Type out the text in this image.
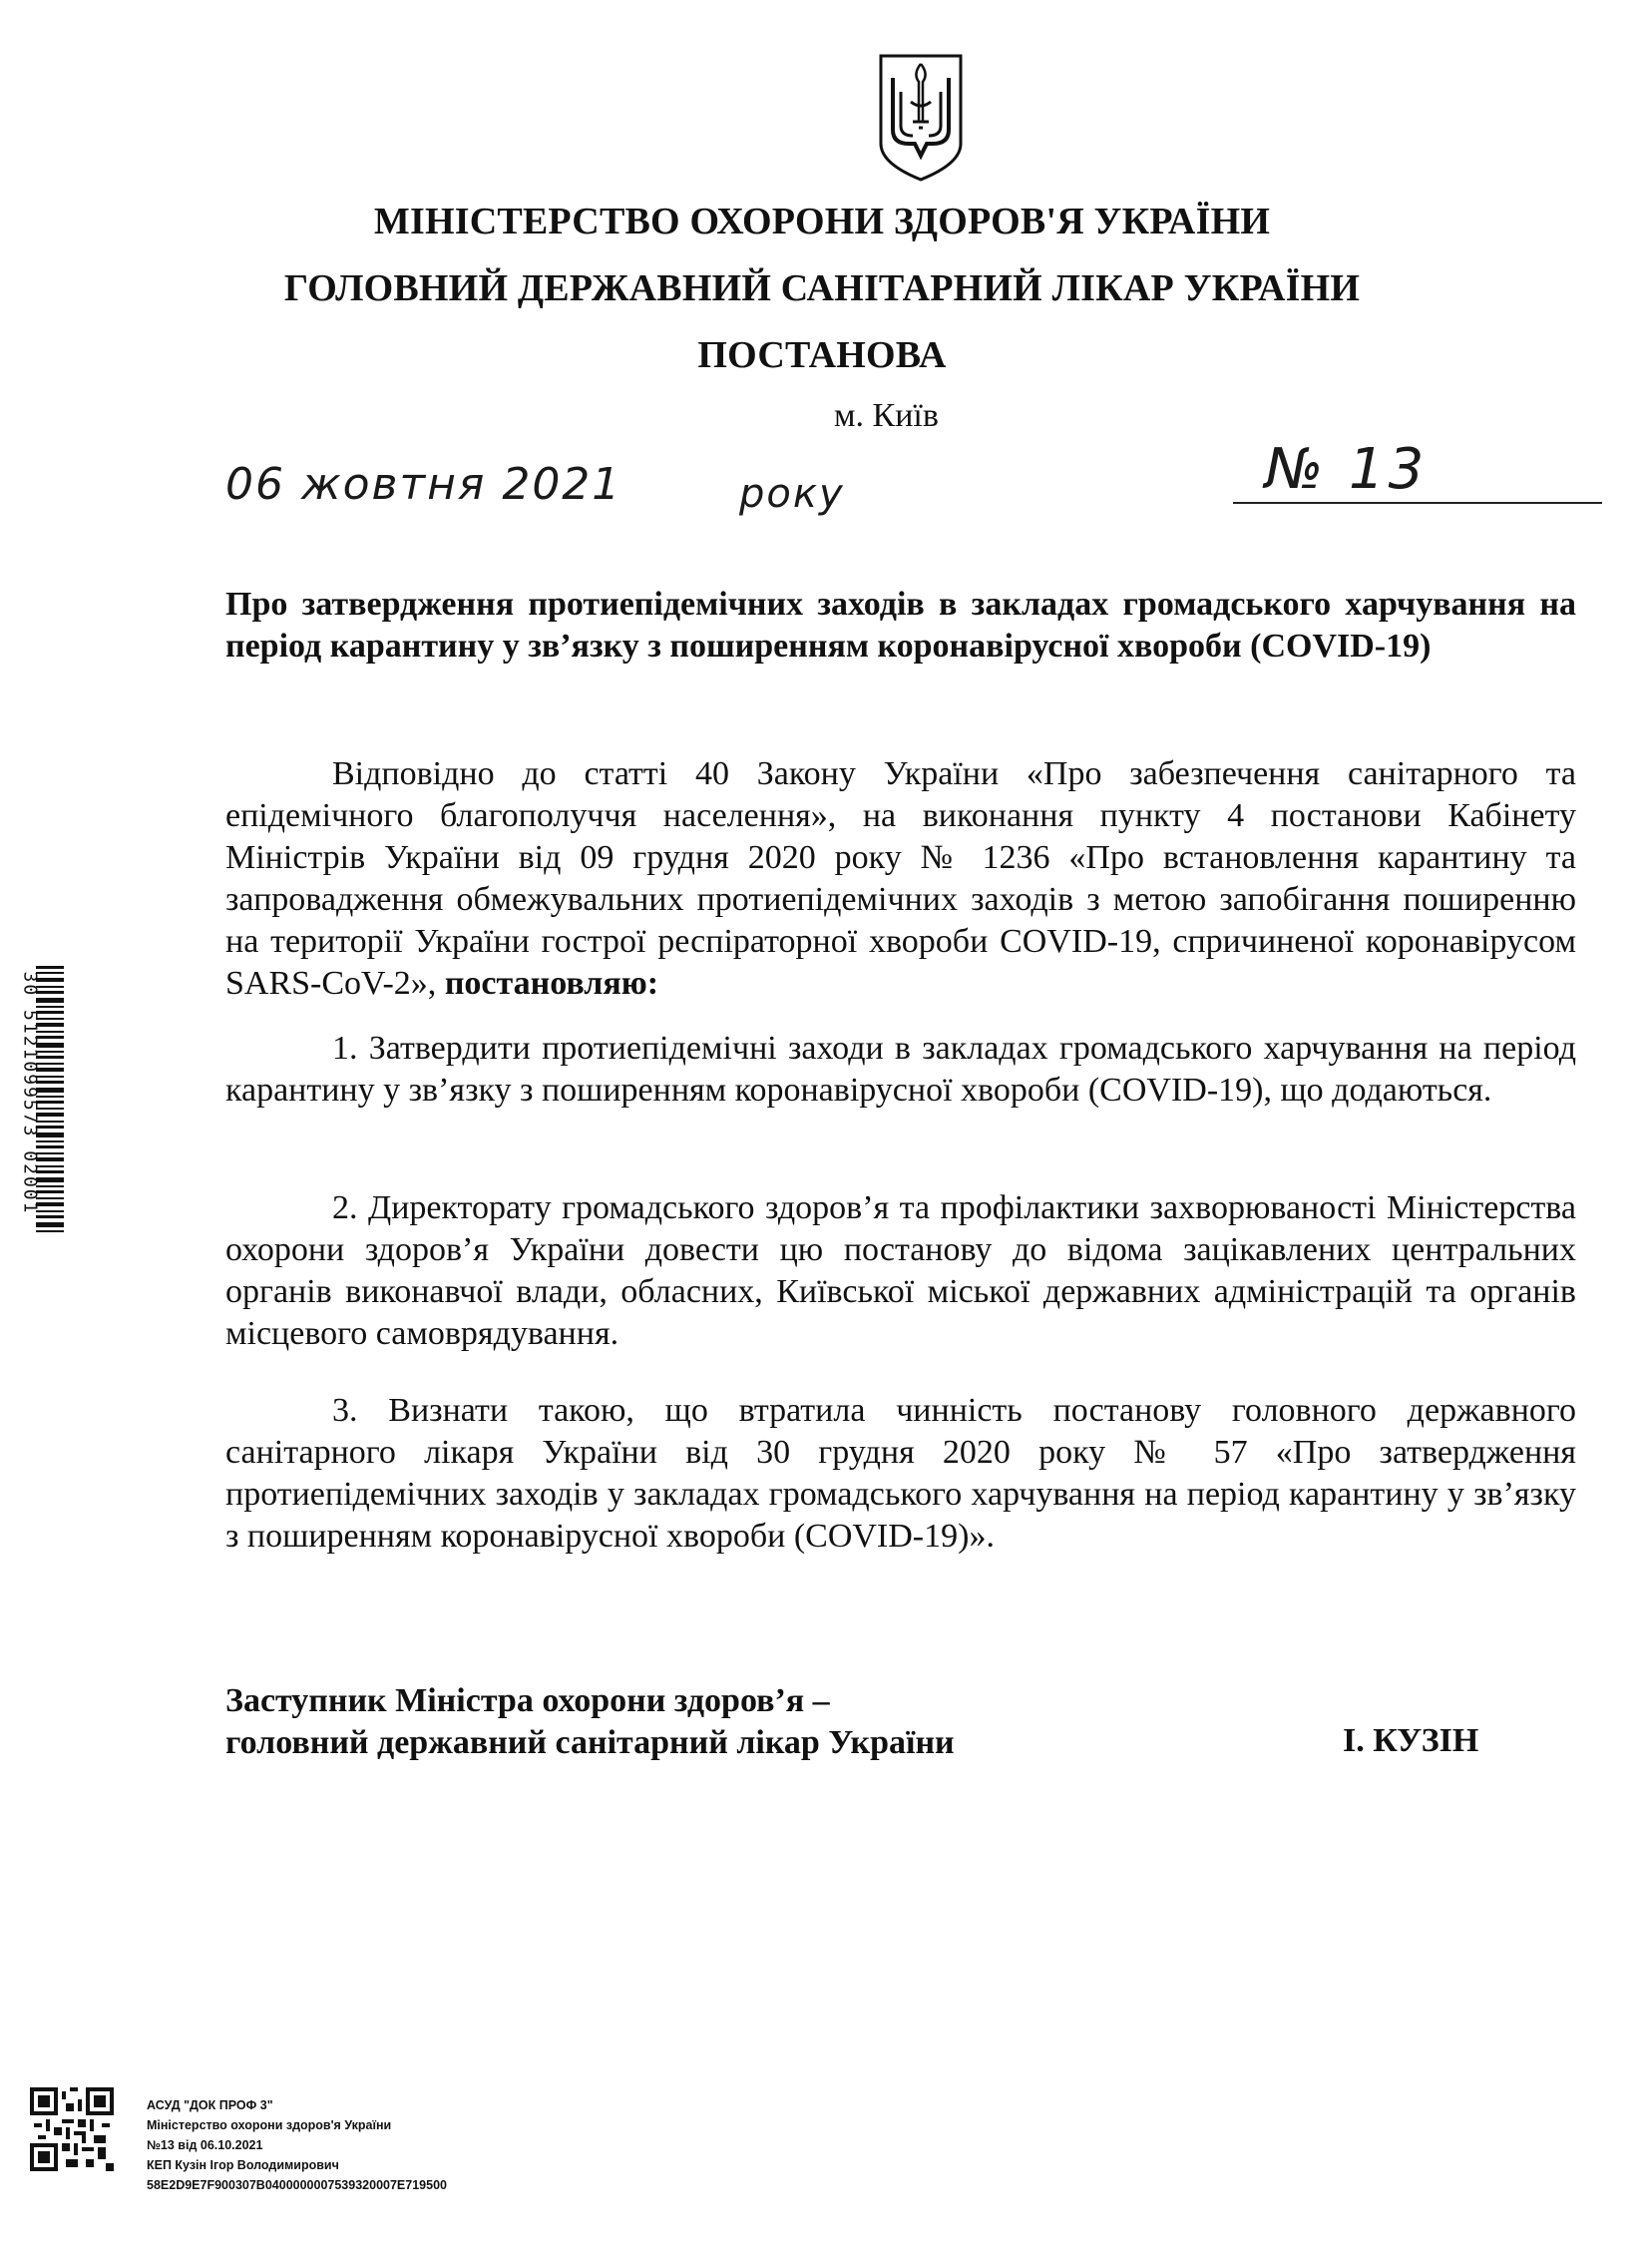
МІНІСТЕРСТВО ОХОРОНИ ЗДОРОВ'Я УКРАЇНИ
ГОЛОВНИЙ ДЕРЖАВНИЙ САНІТАРНИЙ ЛІКАР УКРАЇНИ
ПОСТАНОВА
м. Київ
06 жовтня 2021	року	№ 13
Про затвердження протиепідемічних заходів в закладах громадського харчування на період карантину у зв’язку з поширенням коронавірусної хвороби (COVID-19)
Відповідно до статті 40 Закону України «Про забезпечення санітарного та епідемічного благополуччя населення», на виконання пункту 4 постанови Кабінету Міністрів України від 09 грудня 2020 року № 1236 «Про встановлення карантину та запровадження обмежувальних протиепідемічних заходів з метою запобігання поширенню на території України гострої респіраторної хвороби COVID-19, спричиненої коронавірусом SARS-CoV-2», постановляю:
1. Затвердити протиепідемічні заходи в закладах громадського харчування на період карантину у зв’язку з поширенням коронавірусної хвороби (COVID-19), що додаються.
2. Директорату громадського здоров’я та профілактики захворюваності Міністерства охорони здоров’я України довести цю постанову до відома зацікавлених центральних органів виконавчої влади, обласних, Київської міської державних адміністрацій та органів місцевого самоврядування.
3. Визнати такою, що втратила чинність постанову головного державного санітарного лікаря України від 30 грудня 2020 року № 57 «Про затвердження протиепідемічних заходів у закладах громадського харчування на період карантину у зв’язку з поширенням коронавірусної хвороби (COVID-19)».
Заступник Міністра охорони здоров’я –
головний державний санітарний лікар України	І. КУЗІН
30 5121099573 02001
АСУД "ДОК ПРОФ 3"
Міністерство охорони здоров'я України
№13 від 06.10.2021
КЕП Кузін Ігор Володимирович
58E2D9E7F900307B0400000007539320007E719500
